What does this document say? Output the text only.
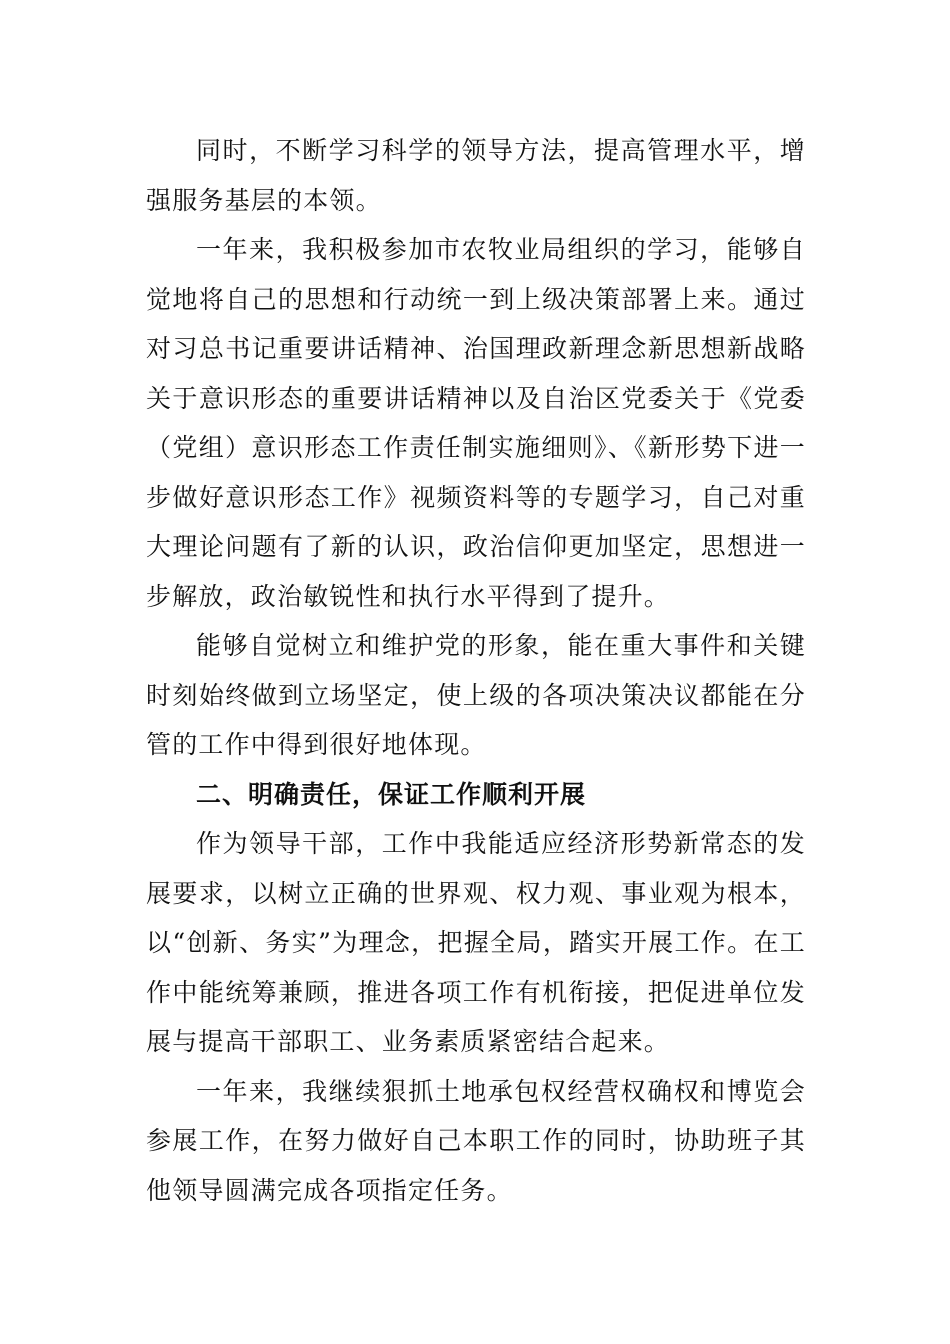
同时，不断学习科学的领导方法，提高管理水平，增强服务基层的本领。

一年来，我积极参加市农牧业局组织的学习，能够自觉地将自己的思想和行动统一到上级决策部署上来。通过对习总书记重要讲话精神、治国理政新理念新思想新战略关于意识形态的重要讲话精神以及自治区党委关于《党委（党组）意识形态工作责任制实施细则》、《新形势下进一步做好意识形态工作》视频资料等的专题学习，自己对重大理论问题有了新的认识，政治信仰更加坚定，思想进一步解放，政治敏锐性和执行水平得到了提升。

能够自觉树立和维护党的形象，能在重大事件和关键时刻始终做到立场坚定，使上级的各项决策决议都能在分管的工作中得到很好地体现。

二、明确责任，保证工作顺利开展

作为领导干部，工作中我能适应经济形势新常态的发展要求，以树立正确的世界观、权力观、事业观为根本，以“创新、务实”为理念，把握全局，踏实开展工作。在工作中能统筹兼顾，推进各项工作有机衔接，把促进单位发展与提高干部职工、业务素质紧密结合起来。

一年来，我继续狠抓土地承包权经营权确权和博览会参展工作，在努力做好自己本职工作的同时，协助班子其他领导圆满完成各项指定任务。
